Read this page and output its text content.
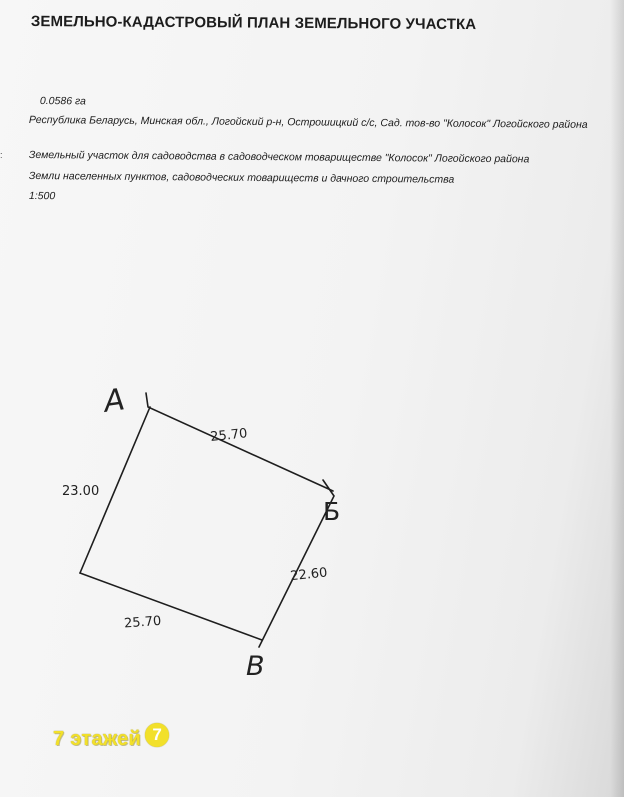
ЗЕМЕЛЬНО-КАДАСТРОВЫЙ ПЛАН ЗЕМЕЛЬНОГО УЧАСТКА
0.0586 га
Республика Беларусь, Минская обл., Логойский р-н, Острошицкий с/с, Сад. тов-во "Колосок" Логойского района
:	Земельный участок для садоводства в садоводческом товариществе "Колосок" Логойского района
Земли населенных пунктов, садоводческих товариществ и дачного строительства
1:500
А
Б
В
25.70
22.60
25.70
23.00
7 этажей 7
